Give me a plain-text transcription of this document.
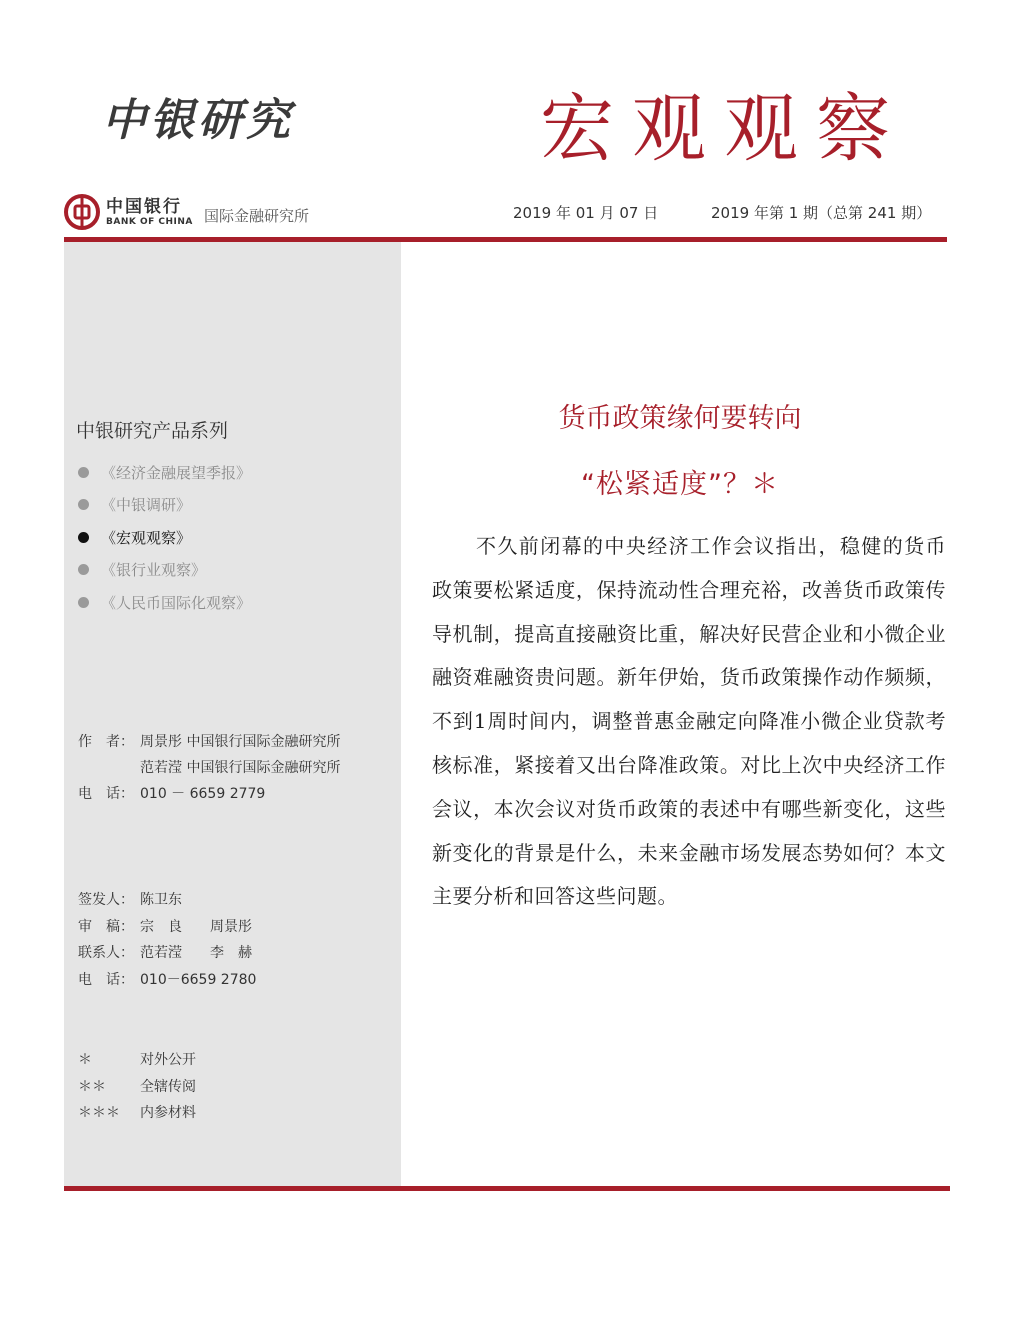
中银研究	宏观观察
中国银行
BANK OF CHINA 国际金融研究所	2019 年 01 月 07 日	2019 年第 1 期（总第 241 期）
中银研究产品系列
《经济金融展望季报》
《中银调研》
《宏观观察》
《银行业观察》
《人民币国际化观察》
作　者： 周景彤 中国银行国际金融研究所
范若滢 中国银行国际金融研究所
电　话： 010 － 6659 2779
签发人： 陈卫东
审　稿： 宗　良　　周景彤
联系人： 范若滢　　李　赫
电　话： 010－6659 2780
＊	对外公开
＊＊ 全辖传阅
＊＊＊ 内参材料
货币政策缘何要转向
“松紧适度”？＊

不久前闭幕的中央经济工作会议指出，稳健的货币政策要松紧适度，保持流动性合理充裕，改善货币政策传导机制，提高直接融资比重，解决好民营企业和小微企业融资难融资贵问题。新年伊始，货币政策操作动作频频，不到1周时间内，调整普惠金融定向降准小微企业贷款考核标准，紧接着又出台降准政策。对比上次中央经济工作会议，本次会议对货币政策的表述中有哪些新变化，这些新变化的背景是什么，未来金融市场发展态势如何？本文主要分析和回答这些问题。
